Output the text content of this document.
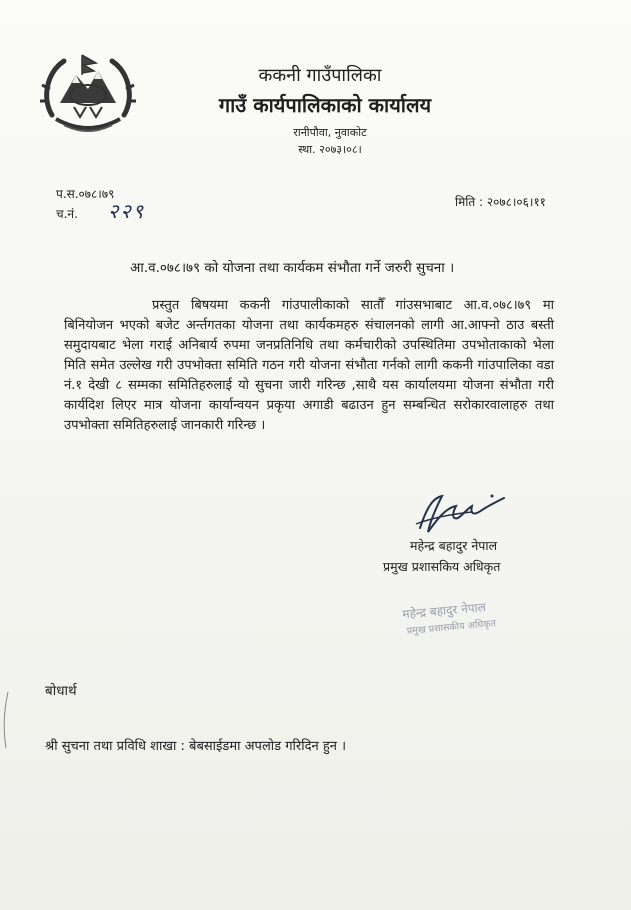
ककनी गाउँपालिका
गाउँ कार्यपालिकाको कार्यालय
रानीपौवा, नुवाकोट
स्था. २०७३।०८।
प.स.०७८।७९
च.नं. २२९	मिति : २०७८।०६।११
आ.व.०७८।७९ को योजना तथा कार्यकम संभौता गर्ने जरुरी सुचना ।
प्रस्तुत बिषयमा ककनी गांउपालीकाको सातौँ गांउसभाबाट आ.व.०७८।७९ मा बिनियोजन भएको बजेट अर्न्तगतका योजना तथा कार्यकमहरु संचालनको लागी आ.आफ्नो ठाउ बस्ती समुदायबाट भेला गराई अनिबार्य रुपमा जनप्रतिनिधि तथा कर्मचारीको उपस्थितिमा उपभोताकाको भेला मिति समेत उल्लेख गरी उपभोक्ता समिति गठन गरी योजना संभौता गर्नको लागी ककनी गांउपालिका वडा नं.१ देखी ८ सम्मका समितिहरुलाई यो सुचना जारी गरिन्छ ,साथै यस कार्यालयमा योजना संभौता गरी कार्यदिश लिएर मात्र योजना कार्यान्वयन प्रकृया अगाडी बढाउन हुन सम्बन्धित सरोकारवालाहरु तथा उपभोक्ता समितिहरुलाई जानकारी गरिन्छ ।
महेन्द्र बहादुर नेपाल
प्रमुख प्रशासकिय अधिकृत
महेन्द्र बहादुर नेपाल
प्रमुख प्रशासकीय अधिकृत
बोधार्थ
श्री सुचना तथा प्रविधि शाखा : बेबसाईडमा अपलोड गरिदिन हुन ।
